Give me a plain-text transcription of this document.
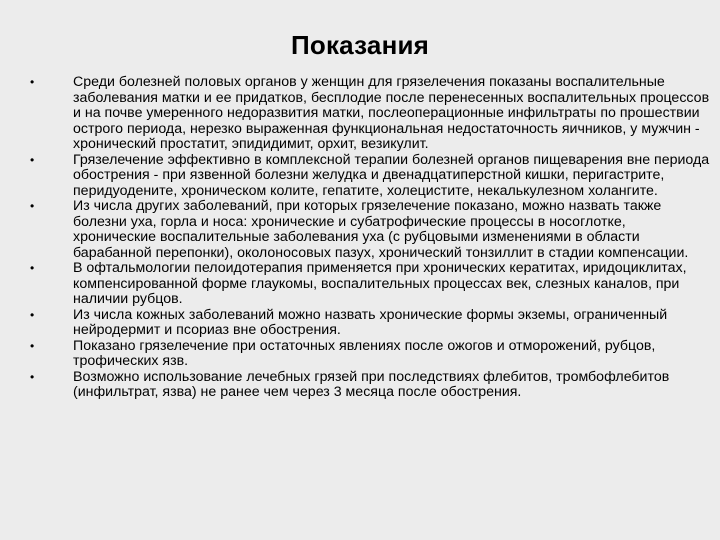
Показания
•	Среди болезней половых органов у женщин для грязелечения показаны воспалительные заболевания матки и ее придатков, бесплодие после перенесенных воспалительных процессов и на почве умеренного недоразвития матки, послеоперационные инфильтраты по прошествии острого периода, нерезко выраженная функциональная недостаточность яичников, у мужчин - хронический простатит, эпидидимит, орхит, везикулит.
•	Грязелечение эффективно в комплексной терапии болезней органов пищеварения вне периода обострения - при язвенной болезни желудка и двенадцатиперстной кишки, перигастрите, перидуодените, хроническом колите, гепатите, холецистите, некалькулезном холангите.
•	Из числа других заболеваний, при которых грязелечение показано, можно назвать также болезни уха, горла и носа: хронические и субатрофические процессы в носоглотке, хронические воспалительные заболевания уха (с рубцовыми изменениями в области барабанной перепонки), околоносовых пазух, хронический тонзиллит в стадии компенсации.
•	В офтальмологии пелоидотерапия применяется при хронических кератитах, иридоциклитах, компенсированной форме глаукомы, воспалительных процессах век, слезных каналов, при наличии рубцов.
•	Из числа кожных заболеваний можно назвать хронические формы экземы, ограниченный нейродермит и псориаз вне обострения.
•	Показано грязелечение при остаточных явлениях после ожогов и отморожений, рубцов, трофических язв.
•	Возможно использование лечебных грязей при последствиях флебитов, тромбофлебитов (инфильтрат, язва) не ранее чем через 3 месяца после обострения.
